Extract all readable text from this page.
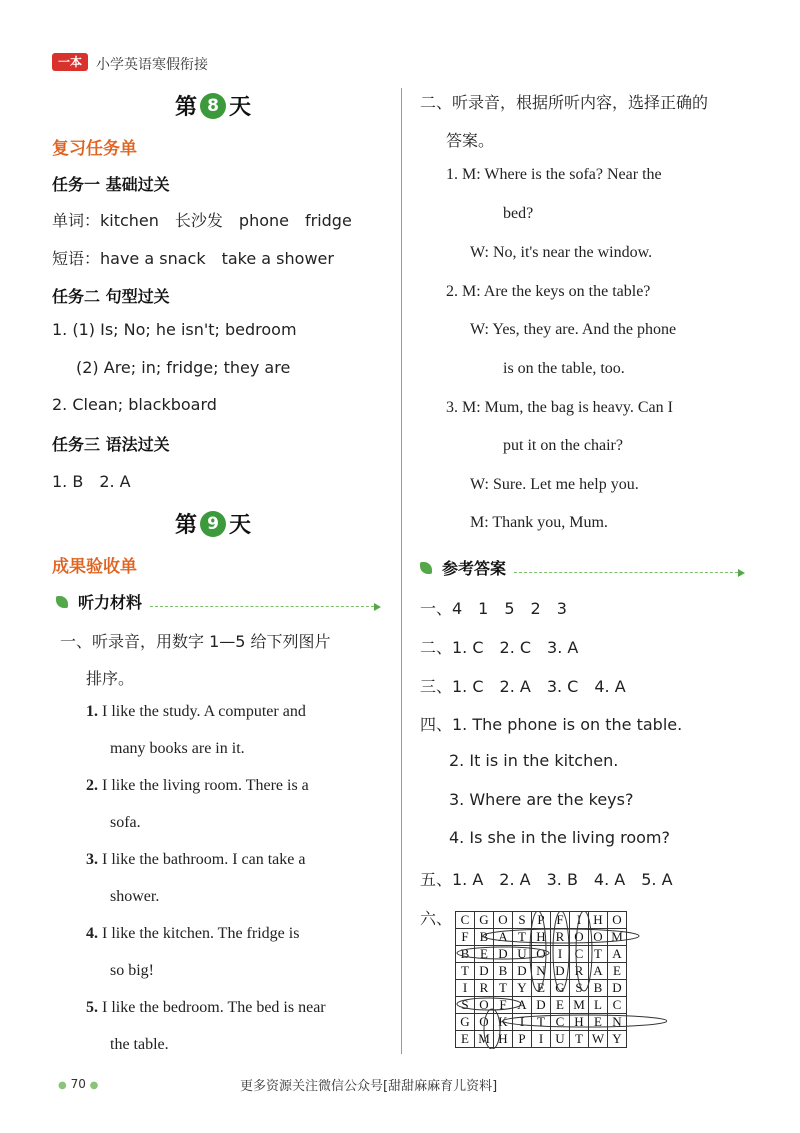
一本	小学英语寒假衔接
第 8 天
复习任务单
任务一 基础过关
单词：kitchen　长沙发　phone　fridge
短语：have a snack　take a shower
任务二 句型过关
1. (1) Is; No; he isn't; bedroom
(2) Are; in; fridge; they are
2. Clean; blackboard
任务三 语法过关
1. B　2. A
第 9 天
成果验收单
听力材料
一、听录音，用数字 1—5 给下列图片
排序。
1. I like the study. A computer and
many books are in it.
2. I like the living room. There is a
sofa.
3. I like the bathroom. I can take a
shower.
4. I like the kitchen. The fridge is
so big!
5. I like the bedroom. The bed is near
the table.
二、听录音，根据所听内容，选择正确的
答案。
1. M: Where is the sofa? Near the
bed?
W: No, it's near the window.
2. M: Are the keys on the table?
W: Yes, they are. And the phone
is on the table, too.
3. M: Mum, the bag is heavy. Can I
put it on the chair?
W: Sure. Let me help you.
M: Thank you, Mum.
参考答案
一、4　1　5　2　3
二、1. C　2. C　3. A
三、1. C　2. A　3. C　4. A
四、1. The phone is on the table.
2. It is in the kitchen.
3. Where are the keys?
4. Is she in the living room?
五、1. A　2. A　3. B　4. A　5. A
六、 C	G	O	S	P	F	I	H	O
F	B	A	T	H	R	O	O	M
B	E	D	U	O	I	C	T	A
T	D	B	D	N	D	R	A	E
I	R	T	Y	E	G	S	B	D
S	O	F	A	D	E	M	L	C
G	O	K	I	T	C	H	E	N
E	M	H	P	I	U	T	W	Y
● 70 ●	更多资源关注微信公众号[甜甜麻麻育儿资料]
